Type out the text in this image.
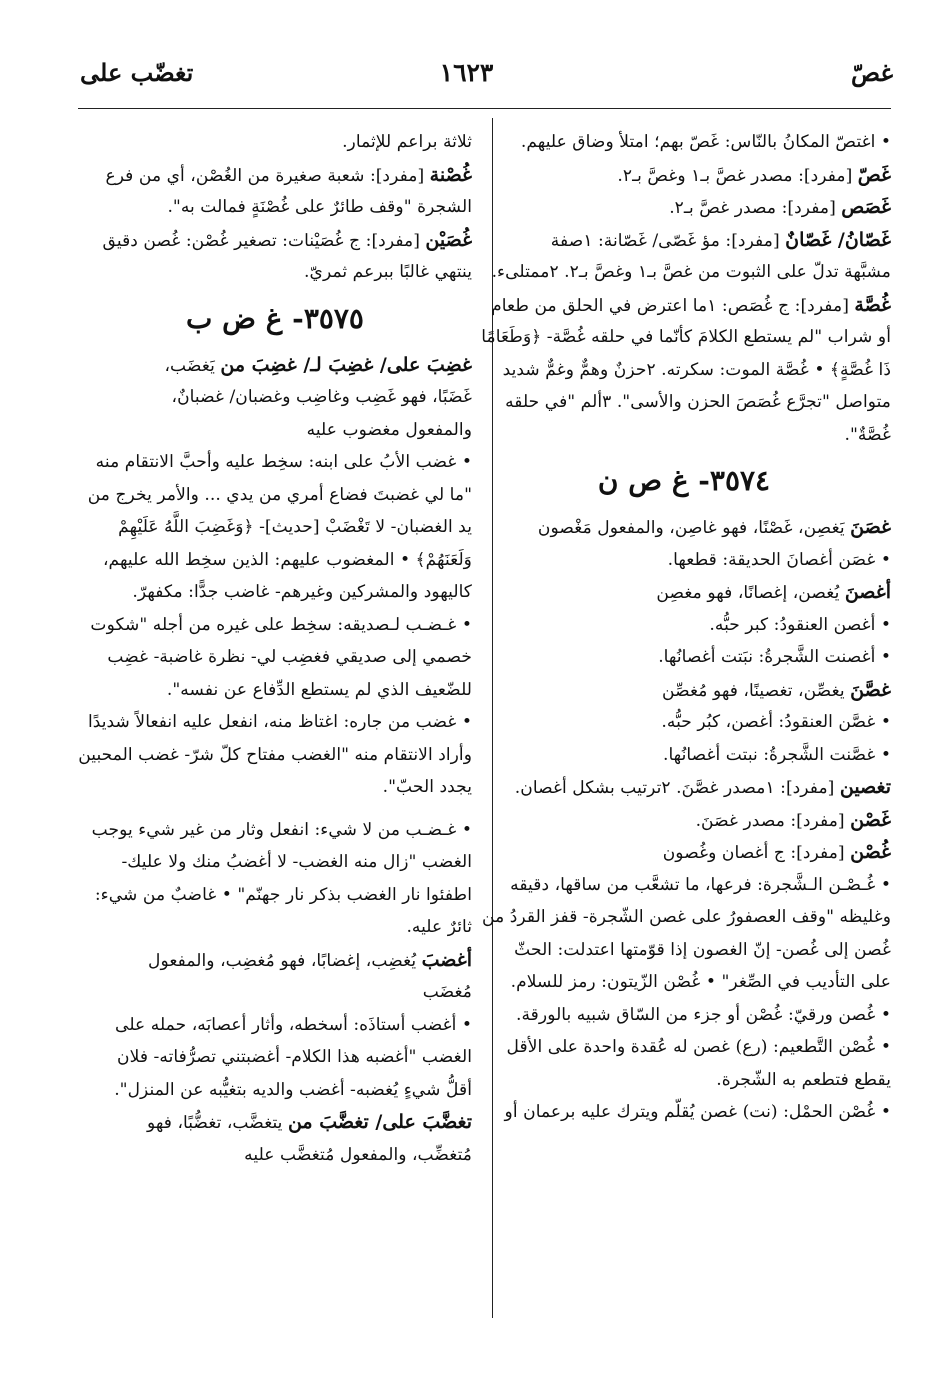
غصّ
١٦٢٣
تغضّب على
• اغتصّ المكانُ بالنّاس: غَصّ بهم؛ امتلأ وضاق عليهم.
غَصّ [مفرد]: مصدر غصَّ بـ١ وغصَّ بـ٢.
غَصَص [مفرد]: مصدر غصَّ بـ٢.
غَصّانُ/ غَصّانٌ [مفرد]: مؤ غَصّى/ غَصّانة: ١صفة
مشبَّهة تدلّ على الثبوت من غصَّ بـ١ وغصَّ بـ٢. ٢ممتلىء.
غُصَّة [مفرد]: ج غُصَص: ١ما اعترض في الحلق من طعام
أو شراب "لم يستطع الكلامَ كأنّما في حلقه غُصَّة- ﴿وَطَعَامًا
ذَا غُصَّةٍ﴾ • غُصَّة الموت: سكرته. ٢حزنٌ وهمٌّ وغمٌّ شديد
متواصل "تجرَّع غُصَصَ الحزن والأسى". ٣ألم "في حلقه
غُصَّةٌ".
٣٥٧٤- غ ص ن
غصَنَ يَغصِن، غَصْنًا، فهو غاصِن، والمفعول مَغْصون
• غصَن أغصانَ الحديقة: قطعها.
أغصنَ يُغصن، إغصانًا، فهو مغصِن
• أغصن العنقودُ: كبر حبُّه.
• أغصنت الشَّجرةُ: نبَتت أغصانُها.
غصَّنَ يغصِّن، تغصينًا، فهو مُغصِّن
• غصَّن العنقودُ: أغصن، كبُر حبُّه.
• غصَّنت الشَّجرةُ: نبتت أغصانُها.
تغصين [مفرد]: ١مصدر غصَّنَ. ٢ترتيب بشكل أغصان.
غَصْن [مفرد]: مصدر غصَنَ.
غُصْن [مفرد]: ج أغصان وغُصون
• غُـصْـن الـشَّجرة: فرعها، ما تشعَّب من ساقها، دقيقه
وغليظه "وقف العصفورُ على غصن الشّجرة- قفز القردُ من
غُصن إلى غُصن- إنّ الغصون إذا قوّمتها اعتدلت: الحثّ
على التأديب في الصِّغر" • غُصْن الزّيتون: رمز للسلام.
• غُصن ورقيّ: غُصْن أو جزء من السّاق شبيه بالورقة.
• غُصْن التَّطعيم: (رع) غصن له عُقدة واحدة على الأقل
يقطع فتطعم به الشّجرة.
• غُصْن الحمْل: (نت) غصن يُقلّم ويترك عليه برعمان أو
ثلاثة براعم للإثمار.
غُصْنة [مفرد]: شعبة صغيرة من الغُصْن، أي من فرع
الشجرة "وقف طائرٌ على غُصْنَةٍ فمالت به".
غُصَيْن [مفرد]: ج غُصَيْنات: تصغير غُصْن: غُصن دقيق
ينتهي غالبًا ببرعم ثمريّ.
٣٥٧٥- غ ض ب
غضِبَ على/ غضِبَ لـ/ غضِبَ من يَغضَب،
غَضَبًا، فهو غَضِب وغاضِب وغضبان/ غضبانٌ،
والمفعول مغضوب عليه
• غضب الأبُ على ابنه: سخِط عليه وأحبَّ الانتقام منه
"ما لي غضبتَ فضاع أمري من يدي ... والأمر يخرج من
يد الغضبان- لا تَغْضَبْ [حديث]- ﴿وَغَضِبَ اللَّهُ عَلَيْهِمْ
وَلَعَنَهُمْ﴾ • المغضوب عليهم: الذين سخِط الله عليهم،
كاليهود والمشركين وغيرهم- غاضب جدًّا: مكفهرّ.
• غـضـب لـصديقه: سخِط على غيره من أجله "شكوت
خصمي إلى صديقي فغضِب لي- نظرة غاضبة- غضِب
للضّعيف الذي لم يستطع الدِّفاع عن نفسه".
• غضب من جاره: اغتاظ منه، انفعل عليه انفعالاً شديدًا
وأراد الانتقام منه "الغضب مفتاح كلّ شرّ- غضب المحبين
يجدد الحبّ".
• غـضـب من لا شيء: انفعل وثار من غير شيء يوجب
الغضب "زال منه الغضب- لا أغضبُ منك ولا عليك-
اطفئوا نار الغضب بذكر نار جهنّم" • غاضبٌ من شيء:
ثائرٌ عليه.
أغضبَ يُغضِب، إغضابًا، فهو مُغضِب، والمفعول
مُغضَب
• أغضب أستاذَه: أسخطه، وأثار أعصابَه، حمله على
الغضب "أغضبه هذا الكلام- أغضبتني تصرُّفاته- فلان
أقلُّ شيءٍ يُغضبه- أغضب والديه بتغيُّبه عن المنزل".
تغضَّبَ على/ تغضَّبَ من يتغضَّب، تغضُّبًا، فهو
مُتغضِّب، والمفعول مُتغضَّب عليه
